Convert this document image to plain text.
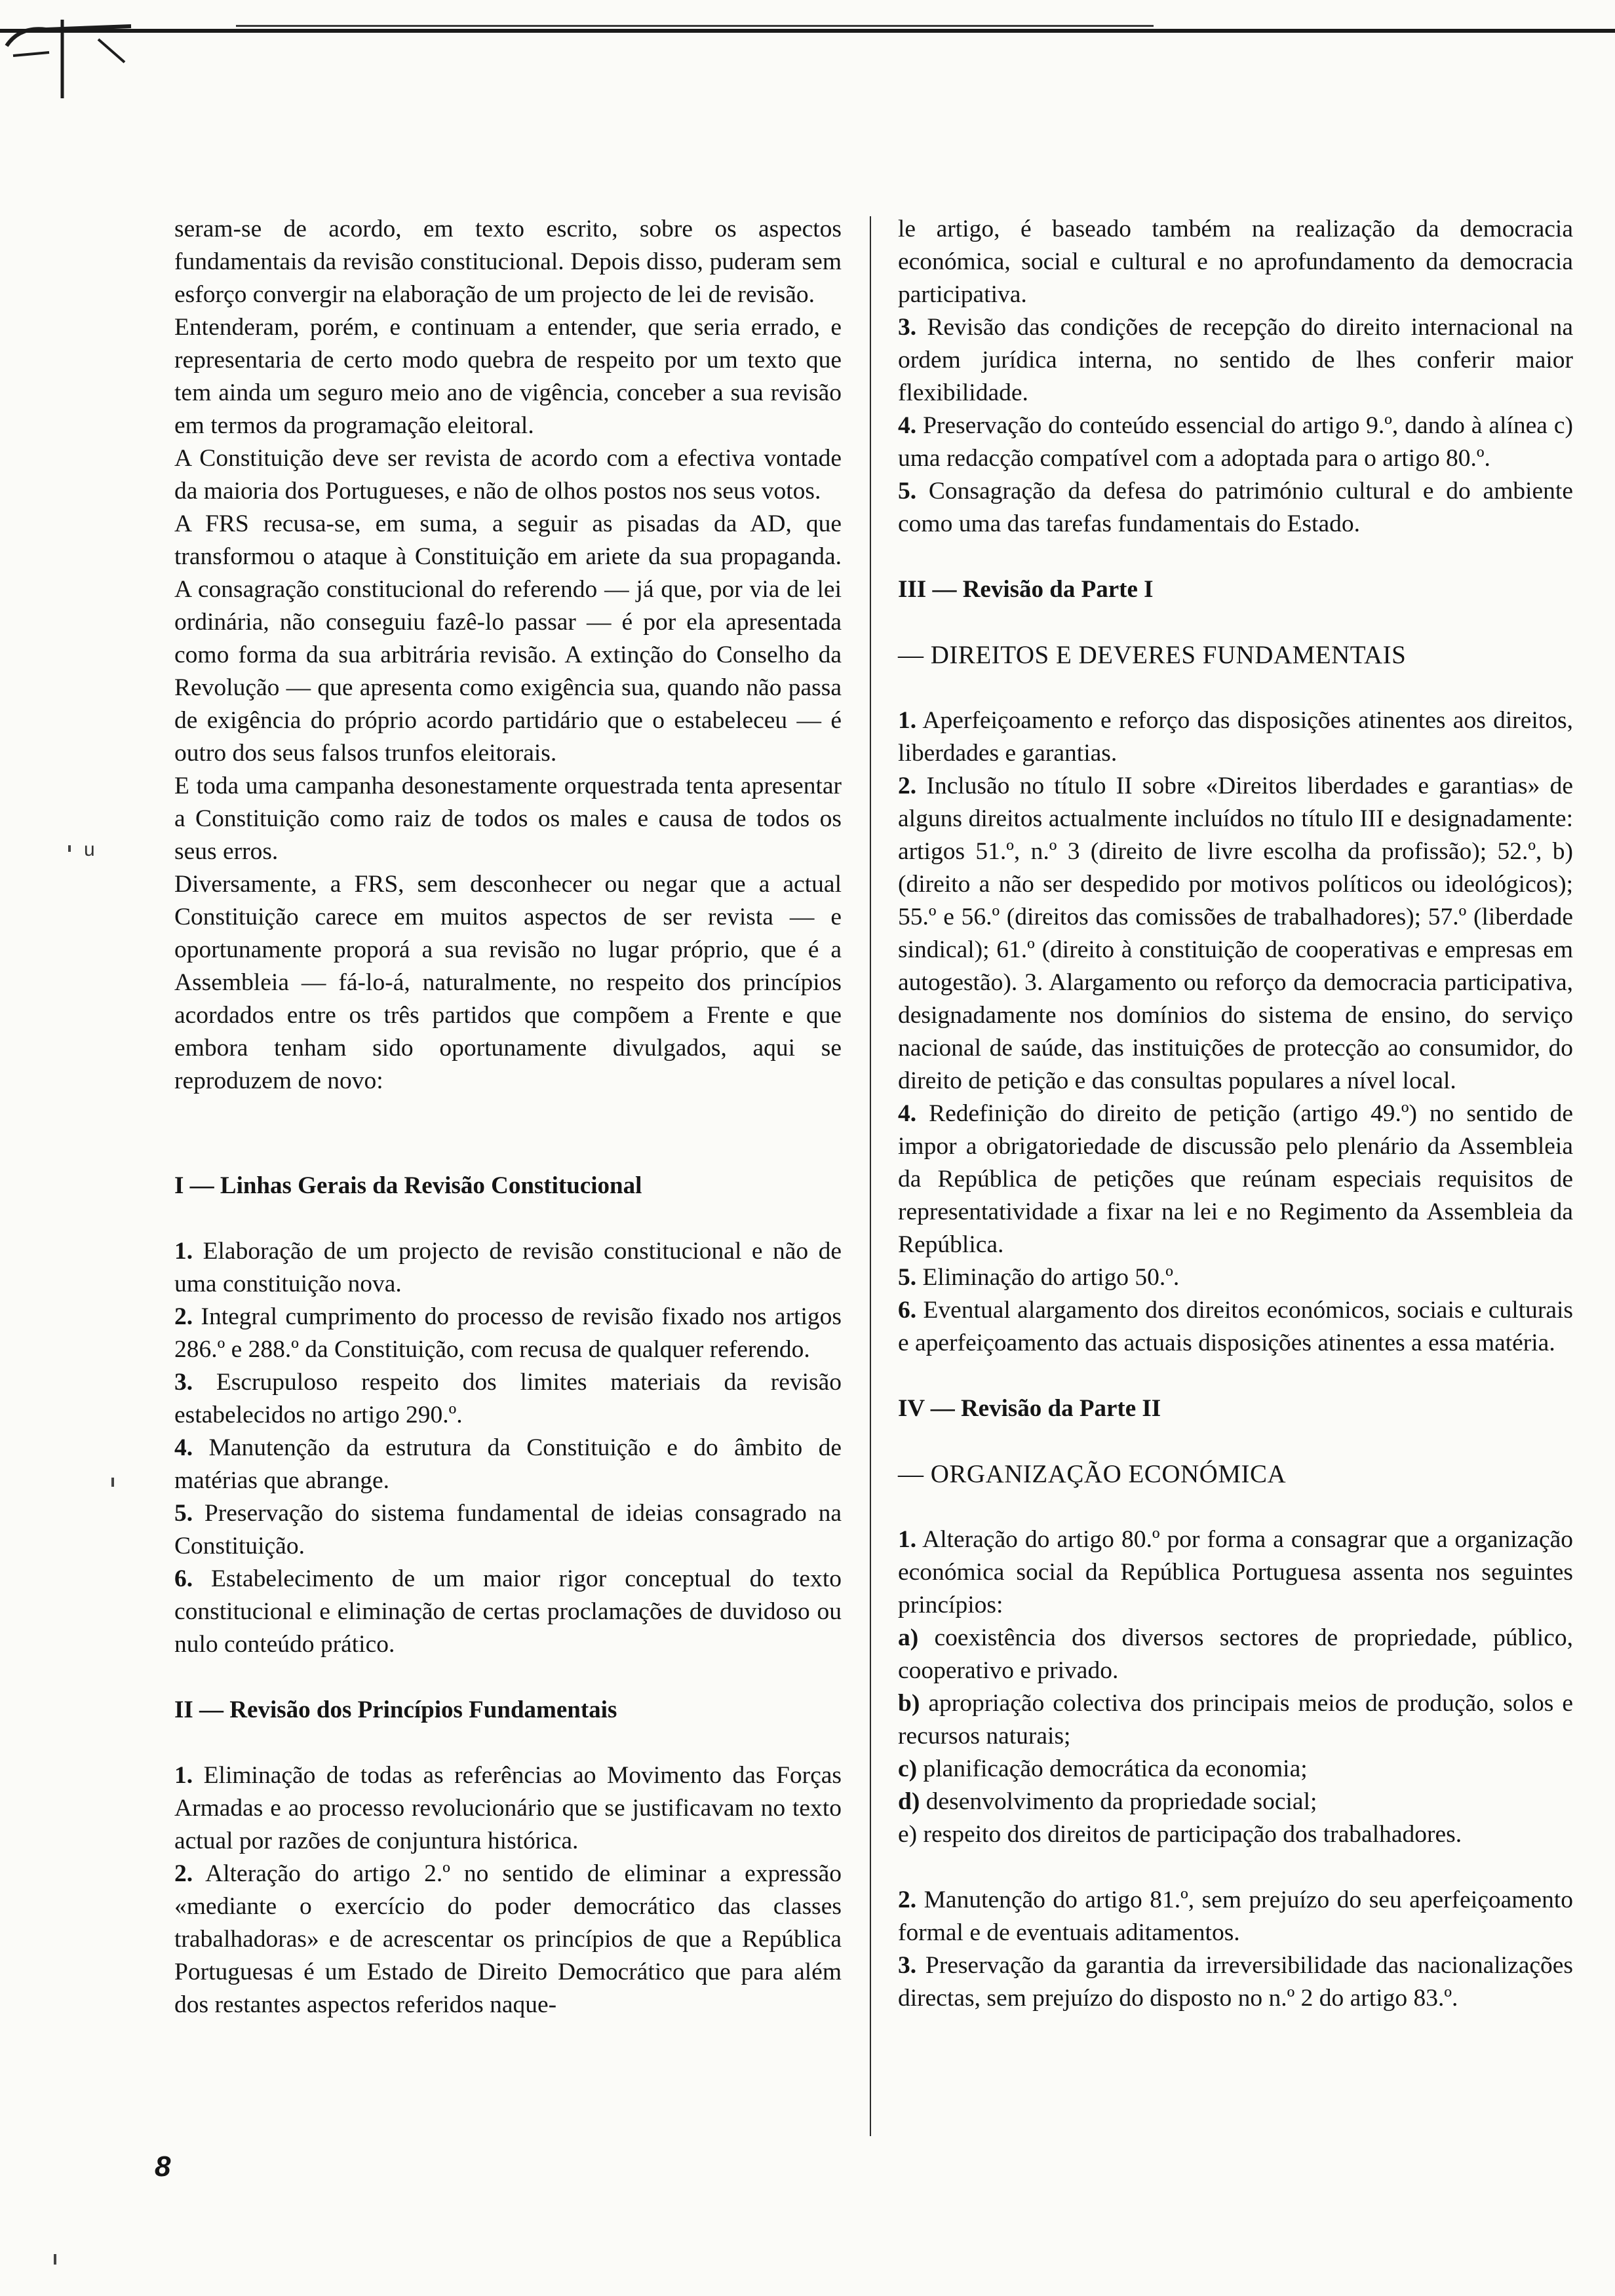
u

seram-se de acordo, em texto escrito, sobre os aspectos fundamentais da revisão constitucional. Depois disso, puderam sem esforço convergir na elaboração de um projecto de lei de revisão.

Entenderam, porém, e continuam a entender, que seria errado, e representaria de certo modo quebra de respeito por um texto que tem ainda um seguro meio ano de vigência, conceber a sua revisão em termos da programação eleitoral.

A Constituição deve ser revista de acordo com a efectiva vontade da maioria dos Portugueses, e não de olhos postos nos seus votos.

A FRS recusa-se, em suma, a seguir as pisadas da AD, que transformou o ataque à Constituição em ariete da sua propaganda. A consagração constitucional do referendo — já que, por via de lei ordinária, não conseguiu fazê-lo passar — é por ela apresentada como forma da sua arbitrária revisão. A extinção do Conselho da Revolução — que apresenta como exigência sua, quando não passa de exigência do próprio acordo partidário que o estabeleceu — é outro dos seus falsos trunfos eleitorais.

E toda uma campanha desonestamente orquestrada tenta apresentar a Constituição como raiz de todos os males e causa de todos os seus erros.

Diversamente, a FRS, sem desconhecer ou negar que a actual Constituição carece em muitos aspectos de ser revista — e oportunamente proporá a sua revisão no lugar próprio, que é a Assembleia — fá-lo-á, naturalmente, no respeito dos princípios acordados entre os três partidos que compõem a Frente e que embora tenham sido oportunamente divulgados, aqui se reproduzem de novo:

I — Linhas Gerais da Revisão Constitucional

1. Elaboração de um projecto de revisão constitucional e não de uma constituição nova.

2. Integral cumprimento do processo de revisão fixado nos artigos 286.º e 288.º da Constituição, com recusa de qualquer referendo.

3. Escrupuloso respeito dos limites materiais da revisão estabelecidos no artigo 290.º.

4. Manutenção da estrutura da Constituição e do âmbito de matérias que abrange.

5. Preservação do sistema fundamental de ideias consagrado na Constituição.

6. Estabelecimento de um maior rigor conceptual do texto constitucional e eliminação de certas proclamações de duvidoso ou nulo conteúdo prático.

II — Revisão dos Princípios Fundamentais

1. Eliminação de todas as referências ao Movimento das Forças Armadas e ao processo revolucionário que se justificavam no texto actual por razões de conjuntura histórica.

2. Alteração do artigo 2.º no sentido de eliminar a expressão «mediante o exercício do poder democrático das classes trabalhadoras» e de acrescentar os princípios de que a República Portuguesas é um Estado de Direito Democrático que para além dos restantes aspectos referidos naque-

le artigo, é baseado também na realização da democracia económica, social e cultural e no aprofundamento da democracia participativa.

3. Revisão das condições de recepção do direito internacional na ordem jurídica interna, no sentido de lhes conferir maior flexibilidade.

4. Preservação do conteúdo essencial do artigo 9.º, dando à alínea c) uma redacção compatível com a adoptada para o artigo 80.º.

5. Consagração da defesa do património cultural e do ambiente como uma das tarefas fundamentais do Estado.

III — Revisão da Parte I
— DIREITOS E DEVERES FUNDAMENTAIS

1. Aperfeiçoamento e reforço das disposições atinentes aos direitos, liberdades e garantias.

2. Inclusão no título II sobre «Direitos liberdades e garantias» de alguns direitos actualmente incluídos no título III e designadamente: artigos 51.º, n.º 3 (direito de livre escolha da profissão); 52.º, b) (direito a não ser despedido por motivos políticos ou ideológicos); 55.º e 56.º (direitos das comissões de trabalhadores); 57.º (liberdade sindical); 61.º (direito à constituição de cooperativas e empresas em autogestão). 3. Alargamento ou reforço da democracia participativa, designadamente nos domínios do sistema de ensino, do serviço nacional de saúde, das instituições de protecção ao consumidor, do direito de petição e das consultas populares a nível local.

4. Redefinição do direito de petição (artigo 49.º) no sentido de impor a obrigatoriedade de discussão pelo plenário da Assembleia da República de petições que reúnam especiais requisitos de representatividade a fixar na lei e no Regimento da Assembleia da República.

5. Eliminação do artigo 50.º.

6. Eventual alargamento dos direitos económicos, sociais e culturais e aperfeiçoamento das actuais disposições atinentes a essa matéria.

IV — Revisão da Parte II
— ORGANIZAÇÃO ECONÓMICA

1. Alteração do artigo 80.º por forma a consagrar que a organização económica social da República Portuguesa assenta nos seguintes princípios:

a) coexistência dos diversos sectores de propriedade, público, cooperativo e privado.

b) apropriação colectiva dos principais meios de produção, solos e recursos naturais;

c) planificação democrática da economia;

d) desenvolvimento da propriedade social;

e) respeito dos direitos de participação dos trabalhadores.

2. Manutenção do artigo 81.º, sem prejuízo do seu aperfeiçoamento formal e de eventuais aditamentos.

3. Preservação da garantia da irreversibilidade das nacionalizações directas, sem prejuízo do disposto no n.º 2 do artigo 83.º.

8
